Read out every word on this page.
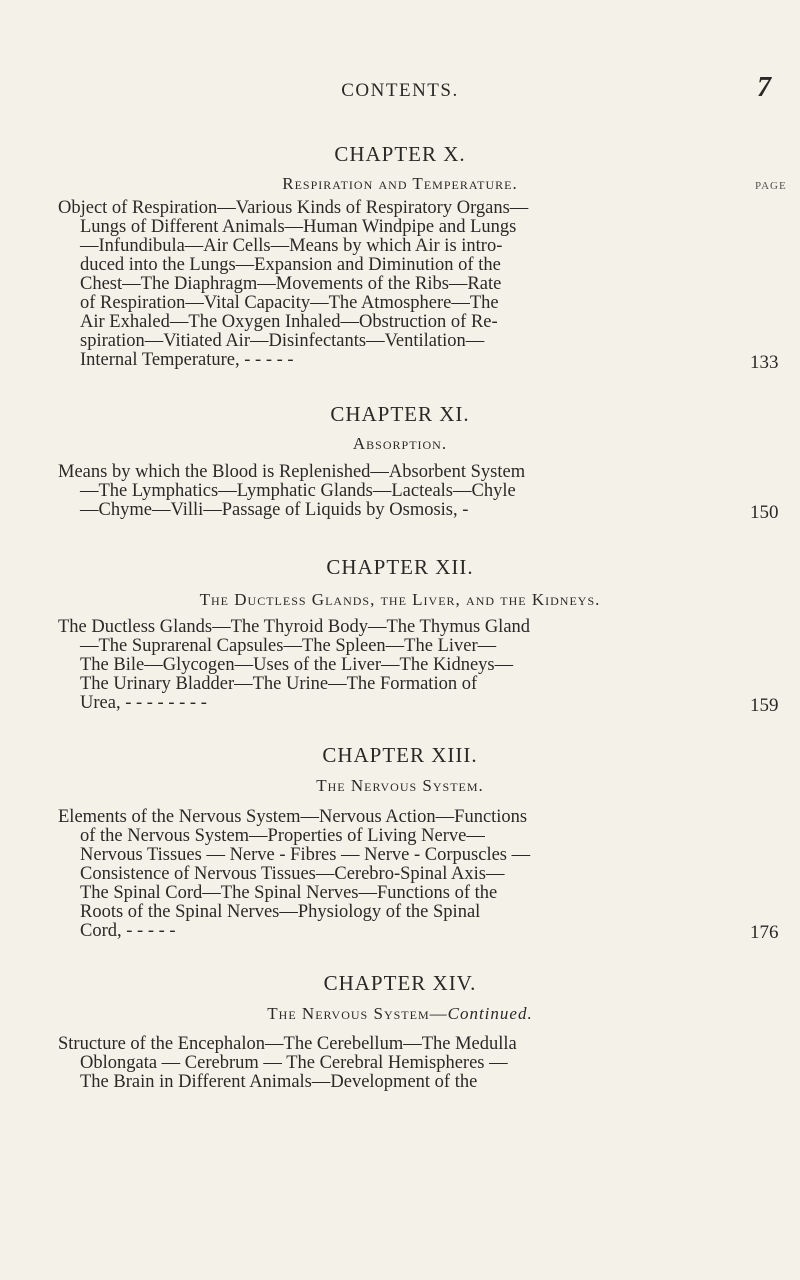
CONTENTS.	7
PAGE
CHAPTER X.
Respiration and Temperature.
Object of Respiration—Various Kinds of Respiratory Organs—
Lungs of Different Animals—Human Windpipe and Lungs
—Infundibula—Air Cells—Means by which Air is intro-
duced into the Lungs—Expansion and Diminution of the
Chest—The Diaphragm—Movements of the Ribs—Rate
of Respiration—Vital Capacity—The Atmosphere—The
Air Exhaled—The Oxygen Inhaled—Obstruction of Re-
spiration—Vitiated Air—Disinfectants—Ventilation—
Internal Temperature, - - - - -	133
CHAPTER XI.
Absorption.
Means by which the Blood is Replenished—Absorbent System
—The Lymphatics—Lymphatic Glands—Lacteals—Chyle
—Chyme—Villi—Passage of Liquids by Osmosis, -	150
CHAPTER XII.
The Ductless Glands, the Liver, and the Kidneys.
The Ductless Glands—The Thyroid Body—The Thymus Gland
—The Suprarenal Capsules—The Spleen—The Liver—
The Bile—Glycogen—Uses of the Liver—The Kidneys—
The Urinary Bladder—The Urine—The Formation of
Urea, - - - - - - - -	159
CHAPTER XIII.
The Nervous System.
Elements of the Nervous System—Nervous Action—Functions
of the Nervous System—Properties of Living Nerve—
Nervous Tissues — Nerve - Fibres — Nerve - Corpuscles —
Consistence of Nervous Tissues—Cerebro-Spinal Axis—
The Spinal Cord—The Spinal Nerves—Functions of the
Roots of the Spinal Nerves—Physiology of the Spinal
Cord, - - - - -	176
CHAPTER XIV.
The Nervous System—Continued.
Structure of the Encephalon—The Cerebellum—The Medulla
Oblongata — Cerebrum — The Cerebral Hemispheres —
The Brain in Different Animals—Development of the
